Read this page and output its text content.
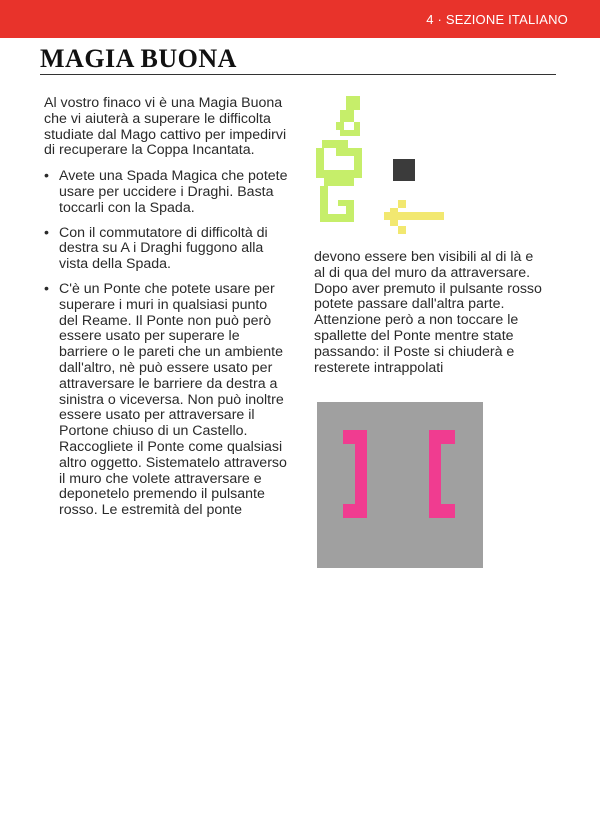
4 · SEZIONE ITALIANO
MAGIA BUONA

Al vostro finaco vi è una Magia Buona che vi aiuterà a superare le difficolta studiate dal Mago cattivo per impedirvi di recuperare la Coppa Incantata.

• Avete una Spada Magica che potete usare per uccidere i Draghi. Basta toccarli con la Spada.
• Con il commutatore di difficoltà di destra su A i Draghi fuggono alla vista della Spada.
• C'è un Ponte che potete usare per superare i muri in qualsiasi punto del Reame. Il Ponte non può però essere usato per superare le barriere o le pareti che un ambiente dall'altro, nè può essere usato per attraversare le barriere da destra a sinistra o viceversa. Non può inoltre essere usato per attraversare il Portone chiuso di un Castello.
Raccogliete il Ponte come qualsiasi altro oggetto. Sistematelo attraverso il muro che volete attraversare e deponetelo premendo il pulsante rosso. Le estremità del ponte

devono essere ben visibili al di là e al di qua del muro da attraversare. Dopo aver premuto il pulsante rosso potete passare dall'altra parte. Attenzione però a non toccare le spallette del Ponte mentre state passando: il Poste si chiuderà e resterete intrappolati
